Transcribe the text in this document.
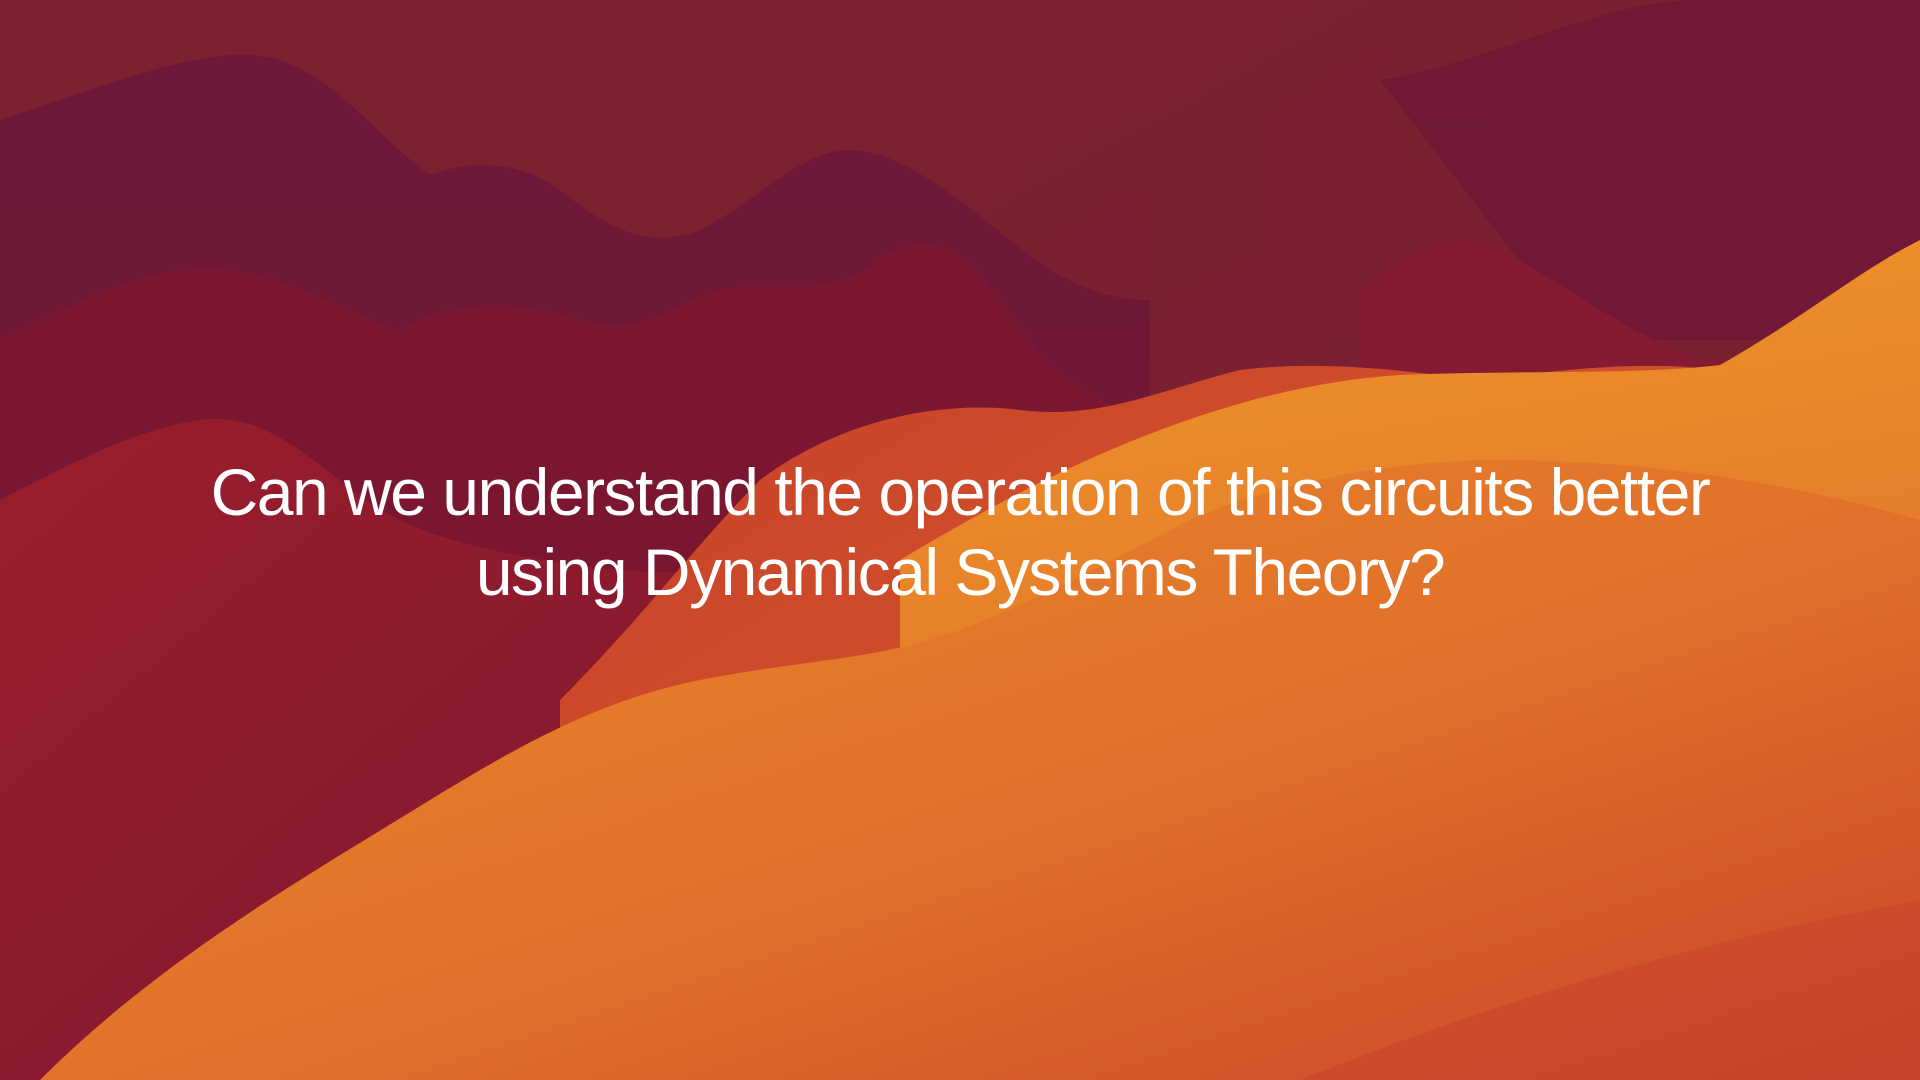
Can we understand the operation of this circuits better
using Dynamical Systems Theory?
